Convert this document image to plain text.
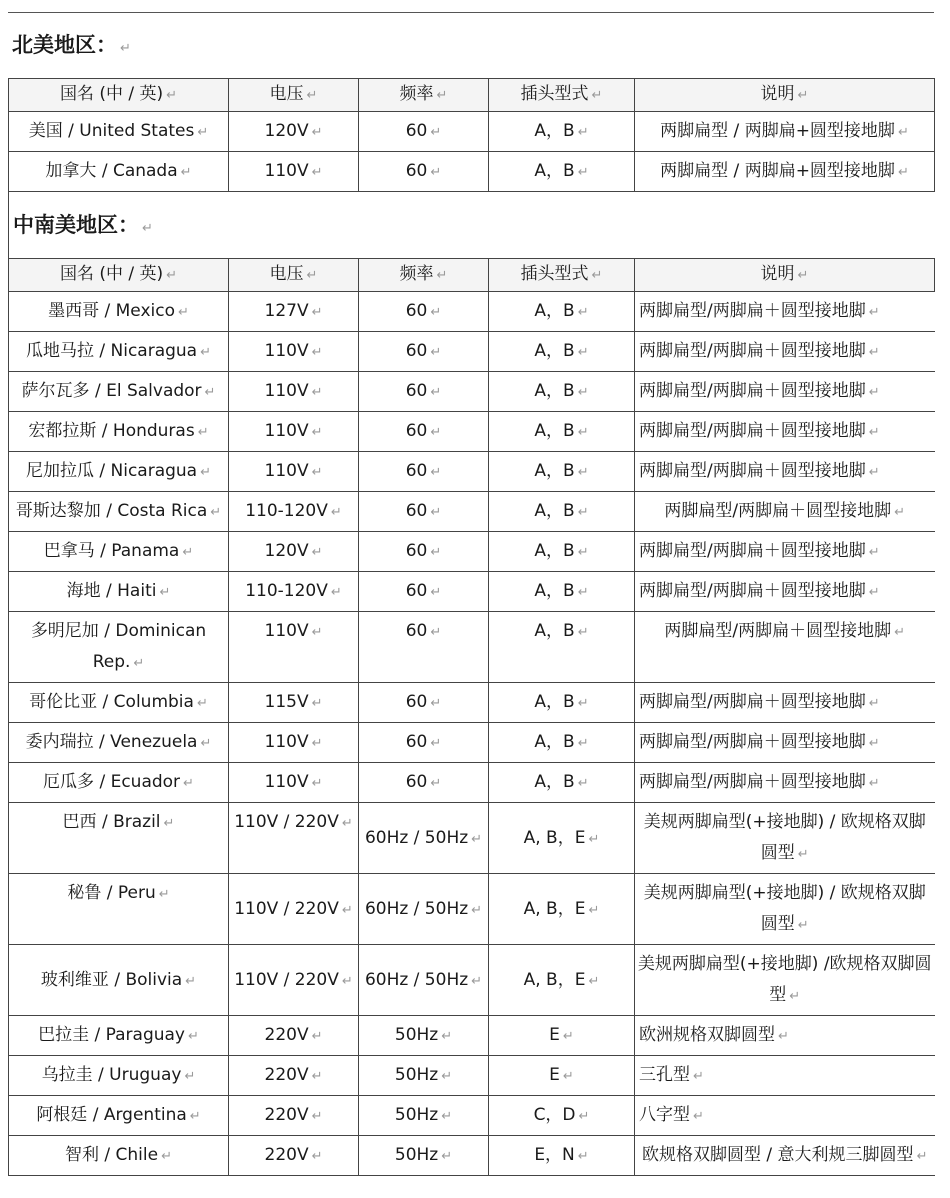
北美地区： ↵
国名 (中 / 英) ↵	电压 ↵	频率 ↵	插头型式 ↵	说明 ↵
美国 / United States ↵	120V ↵	60 ↵	A，B ↵	两脚扁型 / 两脚扁+圆型接地脚 ↵
加拿大 / Canada ↵	110V ↵	60 ↵	A，B ↵	两脚扁型 / 两脚扁+圆型接地脚 ↵
中南美地区： ↵
国名 (中 / 英) ↵	电压 ↵	频率 ↵	插头型式 ↵	说明 ↵
墨西哥 / Mexico ↵	127V ↵	60 ↵	A，B ↵	两脚扁型/两脚扁＋圆型接地脚 ↵
瓜地马拉 / Nicaragua ↵	110V ↵	60 ↵	A，B ↵	两脚扁型/两脚扁＋圆型接地脚 ↵
萨尔瓦多 / El Salvador ↵	110V ↵	60 ↵	A，B ↵	两脚扁型/两脚扁＋圆型接地脚 ↵
宏都拉斯 / Honduras ↵	110V ↵	60 ↵	A，B ↵	两脚扁型/两脚扁＋圆型接地脚 ↵
尼加拉瓜 / Nicaragua ↵	110V ↵	60 ↵	A，B ↵	两脚扁型/两脚扁＋圆型接地脚 ↵
哥斯达黎加 / Costa Rica ↵	110-120V ↵	60 ↵	A，B ↵	两脚扁型/两脚扁＋圆型接地脚 ↵
巴拿马 / Panama ↵	120V ↵	60 ↵	A，B ↵	两脚扁型/两脚扁＋圆型接地脚 ↵
海地 / Haiti ↵	110-120V ↵	60 ↵	A，B ↵	两脚扁型/两脚扁＋圆型接地脚 ↵
多明尼加 / Dominican Rep. ↵	110V ↵	60 ↵	A，B ↵	两脚扁型/两脚扁＋圆型接地脚 ↵
哥伦比亚 / Columbia ↵	115V ↵	60 ↵	A，B ↵	两脚扁型/两脚扁＋圆型接地脚 ↵
委内瑞拉 / Venezuela ↵	110V ↵	60 ↵	A，B ↵	两脚扁型/两脚扁＋圆型接地脚 ↵
厄瓜多 / Ecuador ↵	110V ↵	60 ↵	A，B ↵	两脚扁型/两脚扁＋圆型接地脚 ↵
巴西 / Brazil ↵	110V / 220V ↵	60Hz / 50Hz ↵	A, B，E ↵	美规两脚扁型(+接地脚) / 欧规格双脚圆型 ↵
秘鲁 / Peru ↵	110V / 220V ↵	60Hz / 50Hz ↵	A, B，E ↵	美规两脚扁型(+接地脚) / 欧规格双脚圆型 ↵
玻利维亚 / Bolivia ↵	110V / 220V ↵	60Hz / 50Hz ↵	A, B，E ↵	美规两脚扁型(+接地脚) /欧规格双脚圆型 ↵
巴拉圭 / Paraguay ↵	220V ↵	50Hz ↵	E ↵	欧洲规格双脚圆型 ↵
乌拉圭 / Uruguay ↵	220V ↵	50Hz ↵	E ↵	三孔型 ↵
阿根廷 / Argentina ↵	220V ↵	50Hz ↵	C，D ↵	八字型 ↵
智利 / Chile ↵	220V ↵	50Hz ↵	E，N ↵	欧规格双脚圆型 / 意大利规三脚圆型 ↵
